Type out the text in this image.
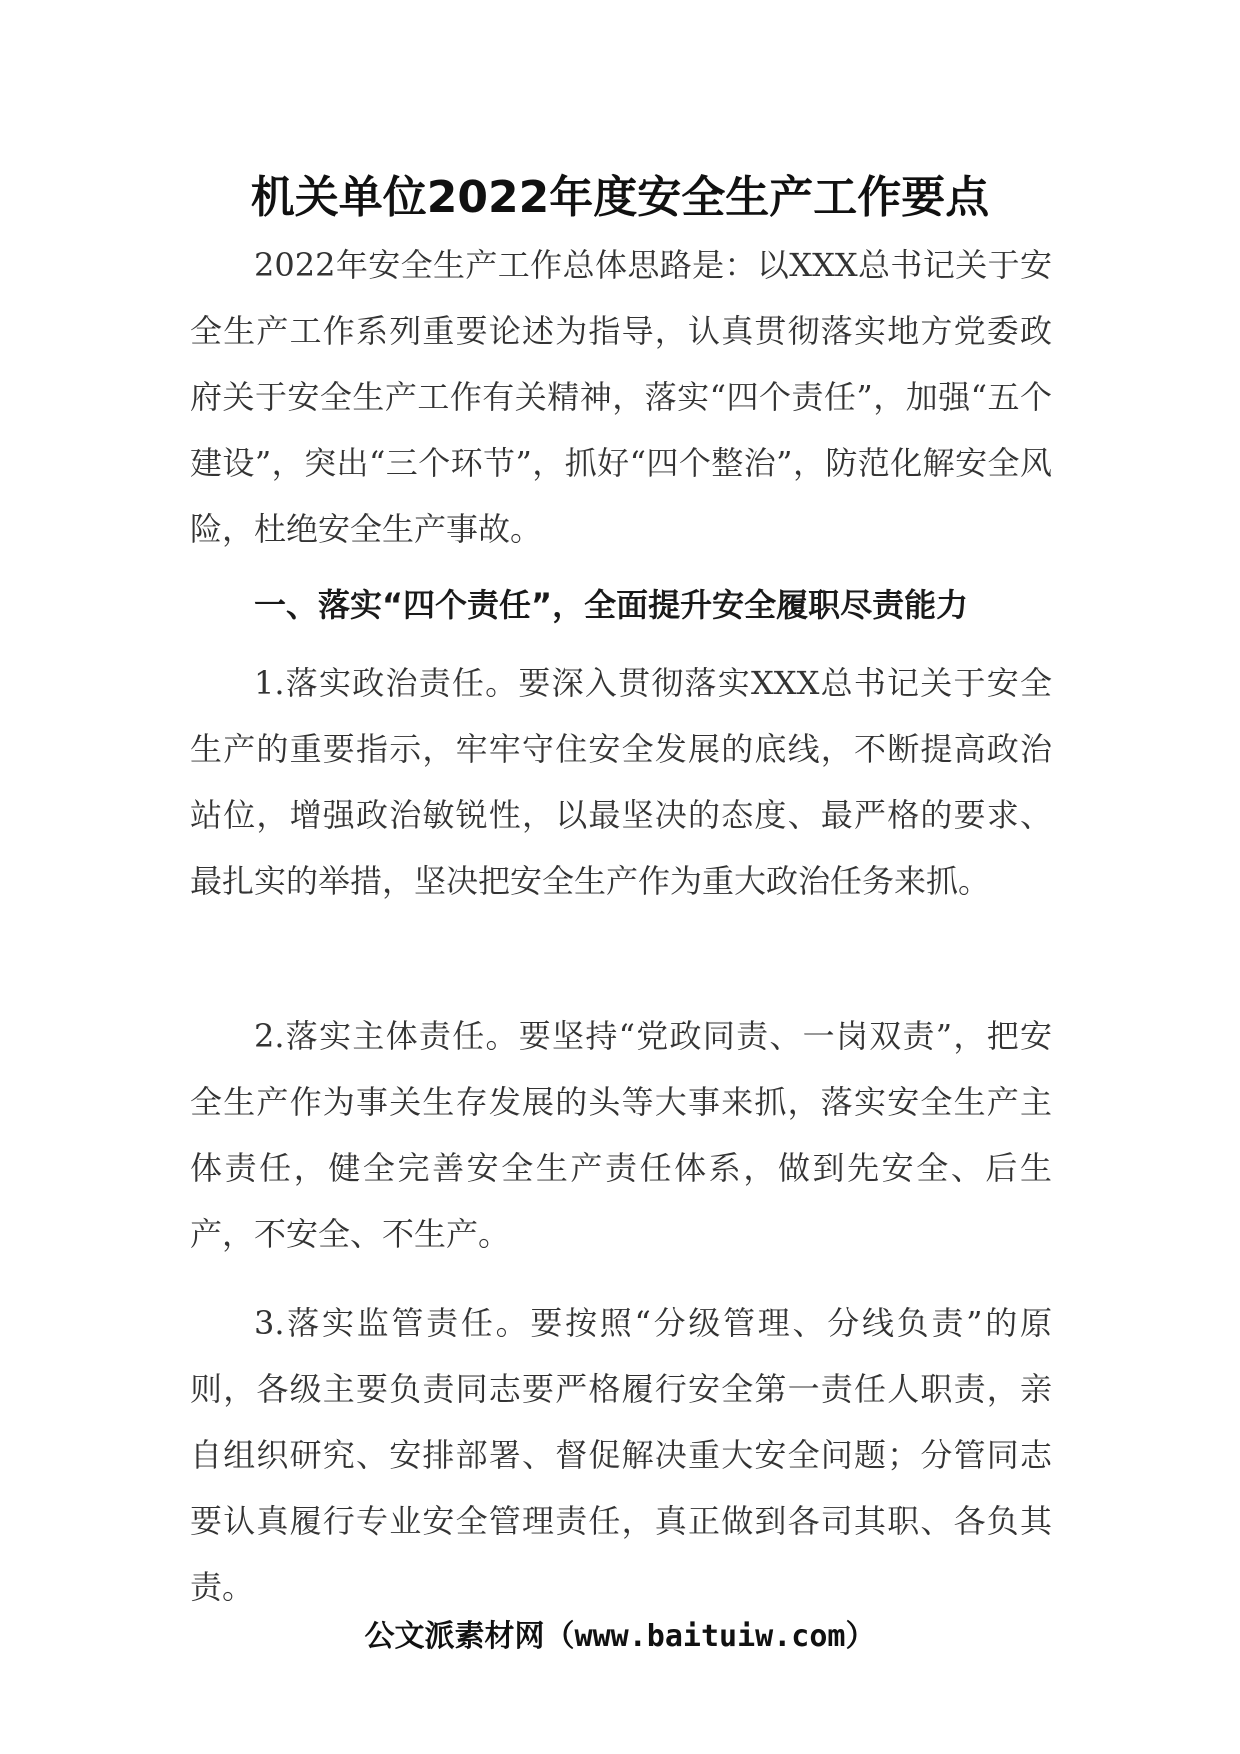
机关单位2022年度安全生产工作要点

2022年安全生产工作总体思路是：以XXX总书记关于安全生产工作系列重要论述为指导，认真贯彻落实地方党委政府关于安全生产工作有关精神，落实“四个责任”，加强“五个建设”，突出“三个环节”，抓好“四个整治”，防范化解安全风险，杜绝安全生产事故。

一、落实“四个责任”，全面提升安全履职尽责能力

1.落实政治责任。要深入贯彻落实XXX总书记关于安全生产的重要指示，牢牢守住安全发展的底线，不断提高政治站位，增强政治敏锐性，以最坚决的态度、最严格的要求、最扎实的举措，坚决把安全生产作为重大政治任务来抓。

2.落实主体责任。要坚持“党政同责、一岗双责”，把安全生产作为事关生存发展的头等大事来抓，落实安全生产主体责任，健全完善安全生产责任体系，做到先安全、后生产，不安全、不生产。

3.落实监管责任。要按照“分级管理、分线负责”的原则，各级主要负责同志要严格履行安全第一责任人职责，亲自组织研究、安排部署、督促解决重大安全问题；分管同志要认真履行专业安全管理责任，真正做到各司其职、各负其责。

公文派素材网（www.baituiw.com）
